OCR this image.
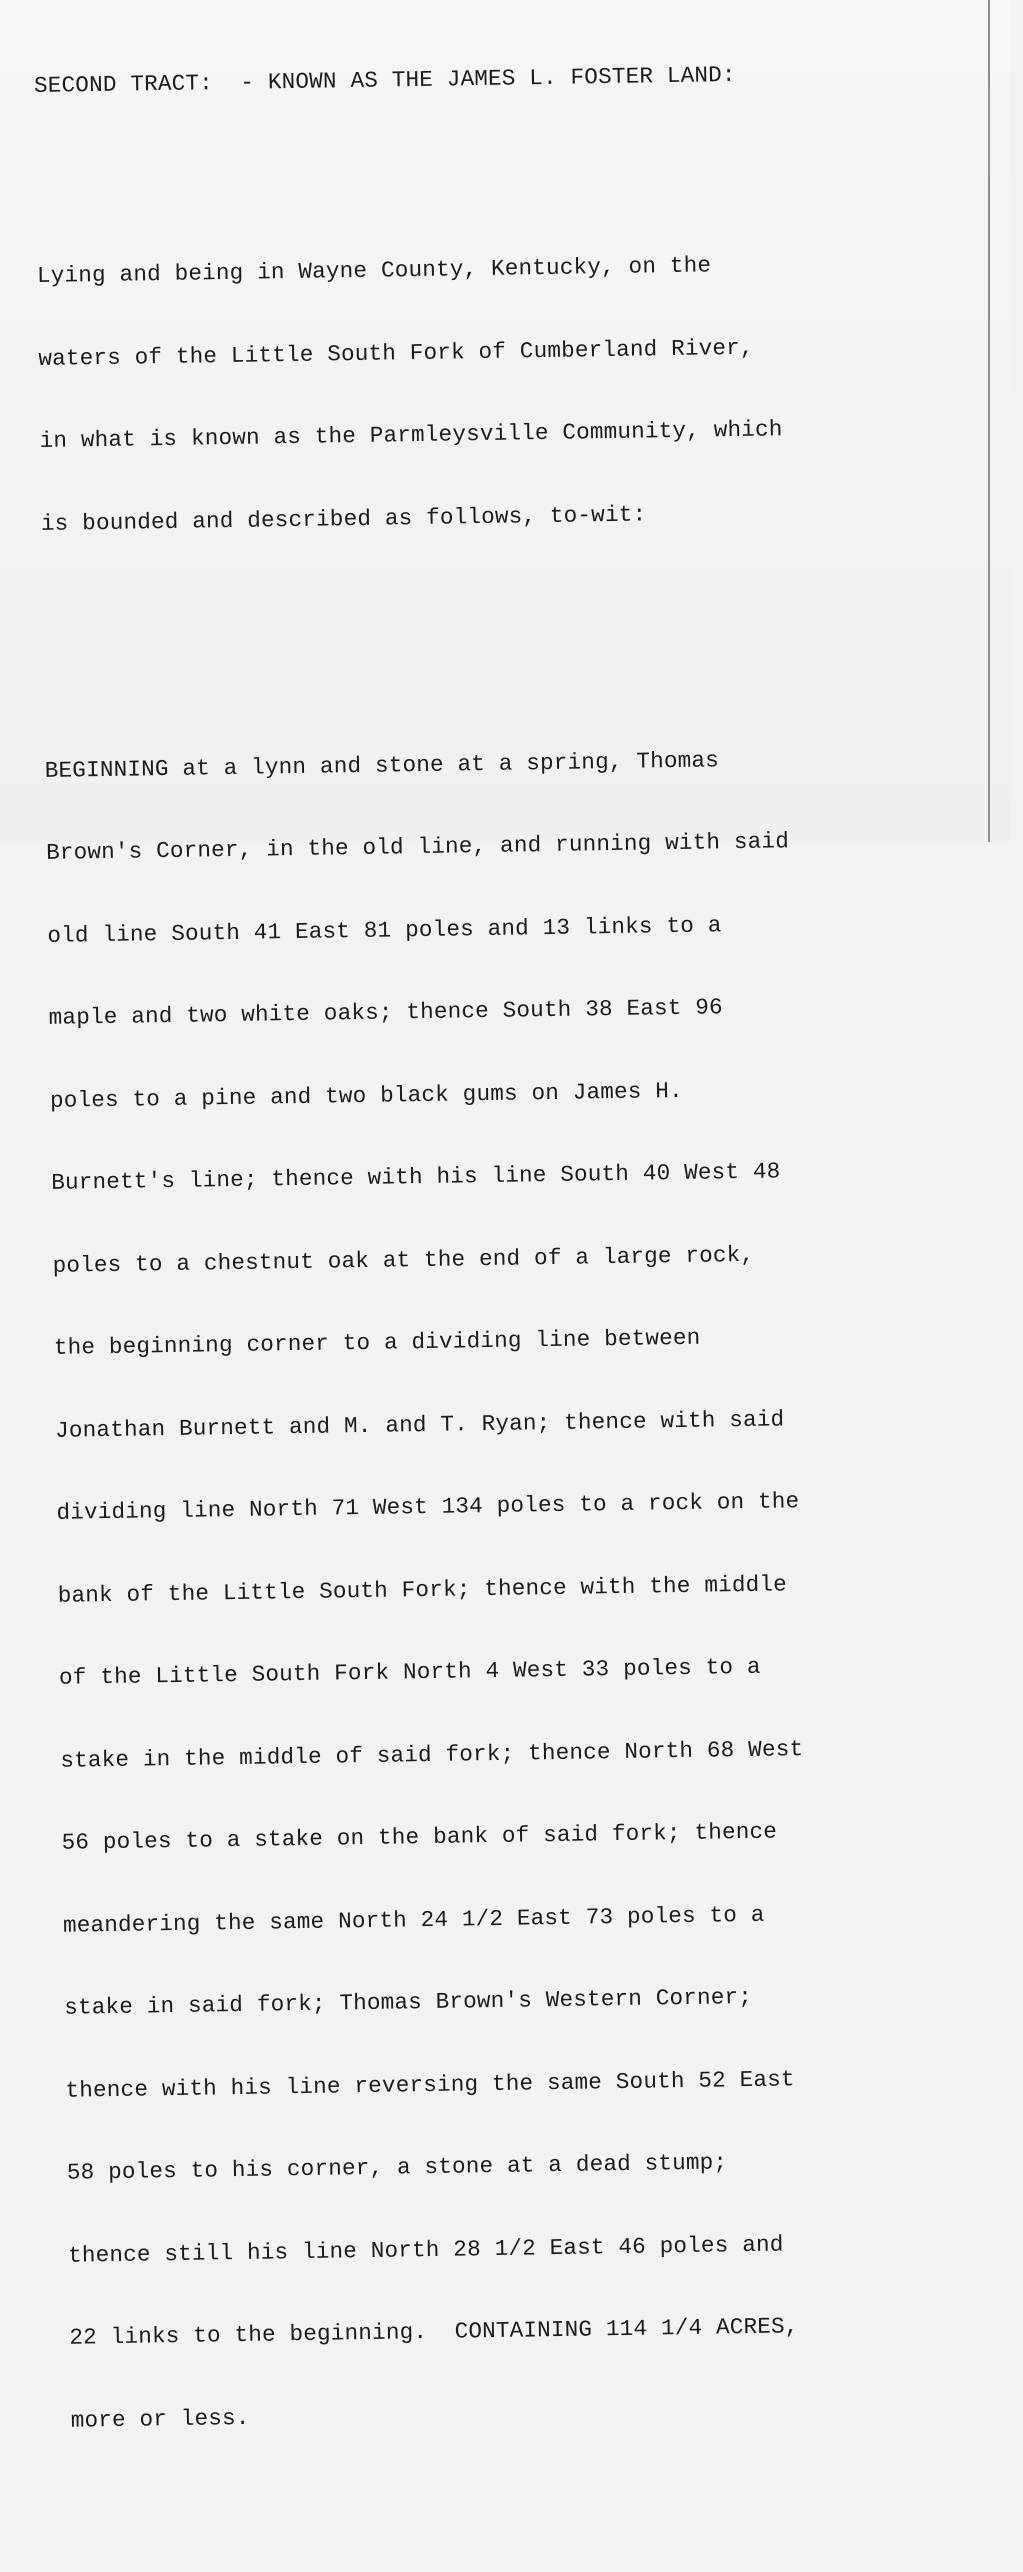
SECOND TRACT:  - KNOWN AS THE JAMES L. FOSTER LAND:

Lying and being in Wayne County, Kentucky, on the

waters of the Little South Fork of Cumberland River,

in what is known as the Parmleysville Community, which

is bounded and described as follows, to-wit:

BEGINNING at a lynn and stone at a spring, Thomas

Brown's Corner, in the old line, and running with said

old line South 41 East 81 poles and 13 links to a

maple and two white oaks; thence South 38 East 96

poles to a pine and two black gums on James H.

Burnett's line; thence with his line South 40 West 48

poles to a chestnut oak at the end of a large rock,

the beginning corner to a dividing line between

Jonathan Burnett and M. and T. Ryan; thence with said

dividing line North 71 West 134 poles to a rock on the

bank of the Little South Fork; thence with the middle

of the Little South Fork North 4 West 33 poles to a

stake in the middle of said fork; thence North 68 West

56 poles to a stake on the bank of said fork; thence

meandering the same North 24 1/2 East 73 poles to a

stake in said fork; Thomas Brown's Western Corner;

thence with his line reversing the same South 52 East

58 poles to his corner, a stone at a dead stump;

thence still his line North 28 1/2 East 46 poles and

22 links to the beginning.  CONTAINING 114 1/4 ACRES,

more or less.
